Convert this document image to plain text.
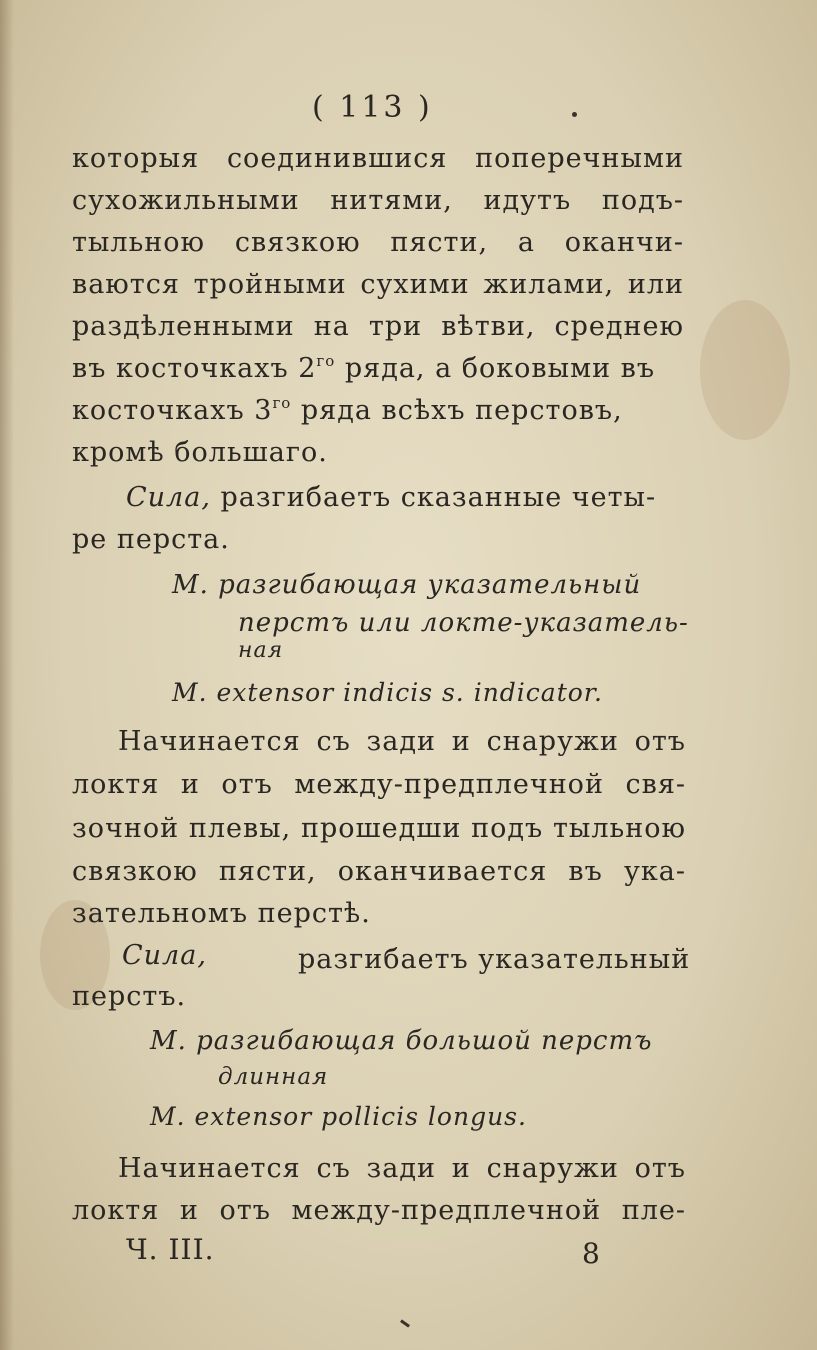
( 113 )
которыя соединившися поперечными
сухожильными нитями, идутъ подъ-
тыльною связкою пясти, а оканчи-
ваются тройными сухими жилами, или
раздѣленными на три вѣтви, среднею
въ косточкахъ $2^{го}$ ряда, а боковыми въ
косточкахъ $3^{го}$ ряда всѣхъ перстовъ,
кромѣ большаго.
Сила, разгибаетъ сказанные четы-
ре перста.
М. разгибающая указательный
перстъ или локте-указатель-
ная
M. extensor indicis s. indicator.
Начинается съ зади и снаружи отъ
локтя и отъ между-предплечной свя-
зочной плевы, прошедши подъ тыльною
связкою пясти, оканчивается въ ука-
зательномъ перстѣ.
Сила,	разгибаетъ указательный
перстъ.
М. разгибающая большой перстъ
длинная
M. extensor pollicis longus.
Начинается съ зади и снаружи отъ
локтя и отъ между-предплечной пле-
Ч. III.	8
